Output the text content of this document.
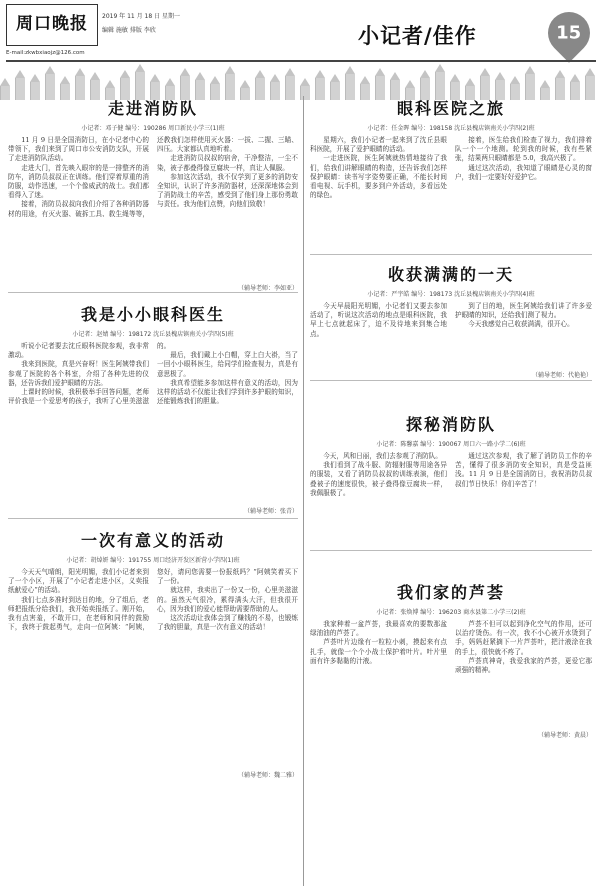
周口晚报
E-mail:zkwbxiaojz@126.com
2019 年 11 月 18 日 星期一
编辑 施敏 排版 李欣	小记者/佳作	15
走进消防队
小记者：邓子健 编号：190286 周口新民小学三(1)班

11 月 9 日是全国消防日，在小记者中心的带领下，我们来到了周口市公安消防支队，开展了走进消防队活动。

走进大门，首先映入眼帘的是一排整齐的消防车，消防员叔叔正在训练。他们穿着厚重的消防服，动作迅速，一个个像威武的战士。我们都看得入了迷。

接着，消防员叔叔向我们介绍了各种消防器材的用途，有灭火器、破拆工具、救生绳等等，还教我们怎样使用灭火器：一拔、二握、三瞄、四压。大家都认真地听着。

走进消防员叔叔的宿舍，干净整洁，一尘不染，被子都叠得像豆腐块一样，真让人佩服。

参加这次活动，我不仅学到了更多的消防安全知识，认识了许多消防器材，还深深地体会到了消防战士的辛苦，感受到了他们身上那份勇敢与责任。我为他们点赞，向他们致敬！

（辅导老师：李如亚）
我是小小眼科医生
小记者：赵婧 编号：198172 沈丘县槐店镇南关小学四(5)班

听说小记者要去沈丘眼科医院参观，我非常激动。

我来到医院，真是兴奋呀！医生阿姨带我们参观了医院的各个科室，介绍了各种先进的仪器，还告诉我们爱护眼睛的方法。

上课时的时候，我积极举手回答问题，老师评价我是一个爱思考的孩子，我听了心里美滋滋的。

最后，我们戴上小白帽，穿上白大褂，当了一回小小眼科医生，给同学们检查视力，真是有意思极了。

我真希望能多参加这样有意义的活动，因为这样的活动不仅能让我们学到许多护眼的知识，还能锻炼我们的胆量。

（辅导老师：张青）
一次有意义的活动
小记者：胡焯妍 编号：191755 周口经济开发区新营小学四(1)班

今天天气晴朗，阳光明媚，我们小记者来到了一个小区，开展了“小记者走进小区，义卖报纸献爱心”的活动。

我们七点多准时到达目的地，分了组后，老师把报纸分给我们，我开始卖报纸了。刚开始，我有点害羞，不敢开口，在老师和同伴的鼓励下，我终于鼓起勇气，走向一位阿姨：“阿姨，您好，请问您需要一份报纸吗？”阿姨笑着买下了一份。

就这样，我卖出了一份又一份，心里美滋滋的。虽然天气很冷，累得满头大汗，但我很开心，因为我们的爱心能帮助需要帮助的人。

这次活动让我体会到了赚钱的不易，也锻炼了我的胆量，真是一次有意义的活动！

（辅导老师：魏二雅）
眼科医院之旅
小记者：任金晖 编号：198158 沈丘县槐店镇南关小学四(2)班

星期六，我们小记者一起来到了沈丘县眼科医院，开展了爱护眼睛的活动。

一走进医院，医生阿姨就热情地接待了我们，给我们讲解眼睛的构造，还告诉我们怎样保护眼睛：读书写字姿势要正确，不能长时间看电视、玩手机，要多到户外活动，多看远处的绿色。

接着，医生给我们检查了视力，我们排着队一个一个地测。轮到我的时候，我有些紧张，结果两只眼睛都是 5.0，我高兴极了。

通过这次活动，我知道了眼睛是心灵的窗户，我们一定要好好爱护它。

收获满满的一天
小记者：严宇皓 编号：198173 沈丘县槐店镇南关小学四(4)班

今天早晨阳光明媚，小记者们又要去参加活动了，听说这次活动的地点是眼科医院，我早上七点就起床了，迫不及待地来到集合地点。

到了目的地，医生阿姨给我们讲了许多爱护眼睛的知识，还给我们测了视力。

今天我感觉自己收获满满，很开心。

（辅导老师：代艳艳）
探秘消防队
小记者：陈馨嘉 编号：190067 周口六一路小学二(6)班

今天，风和日丽，我们去参观了消防队。

我们看到了战斗服、防辐射服等用途各异的服装，又看了消防员叔叔的训练表演，他们叠被子的速度很快，被子叠得像豆腐块一样，我佩服极了。

通过这次参观，我了解了消防员工作的辛苦，懂得了很多消防安全知识，真是受益匪浅。11 月 9 日是全国消防日，我祝消防员叔叔们节日快乐！你们辛苦了！

我们家的芦荟
小记者：张焕博 编号：196203 商水县第二小学三(2)班

我家种着一盆芦荟，我最喜欢的要数那盆绿油油的芦荟了。

芦荟叶片边缘有一粒粒小刺，摸起来有点扎手，就像一个个小战士保护着叶片。叶片里面有许多黏黏的汁液。

芦荟不但可以起到净化空气的作用，还可以治疗烫伤。有一次，我不小心被开水烫到了手，妈妈赶紧摘下一片芦荟叶，把汁液涂在我的手上，很快就不疼了。

芦荟真神奇，我爱我家的芦荟，更爱它那顽强的精神。

（辅导老师：黄晨）
